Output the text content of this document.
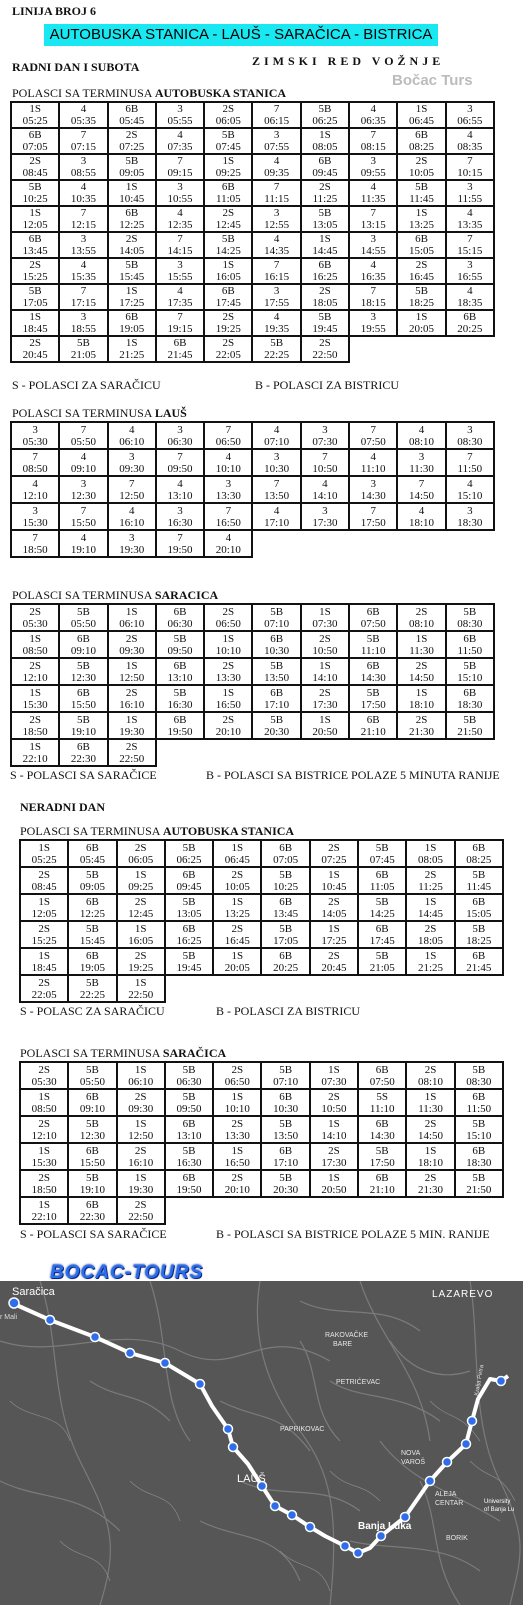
LINIJA BROJ 6
AUTOBUSKA STANICA - LAUŠ - SARAČICA - BISTRICA
RADNI DAN I SUBOTA	ZIMSKI RED VOŽNJE
Bočac Turs
POLASCI SA TERMINUSA AUTOBUSKA STANICA
1S
05:25	4
05:35	6B
05:45	3
05:55	2S
06:05	7
06:15	5B
06:25	4
06:35	1S
06:45	3
06:55

6B
07:05	7
07:15	2S
07:25	4
07:35	5B
07:45	3
07:55	1S
08:05	7
08:15	6B
08:25	4
08:35

2S
08:45	3
08:55	5B
09:05	7
09:15	1S
09:25	4
09:35	6B
09:45	3
09:55	2S
10:05	7
10:15

5B
10:25	4
10:35	1S
10:45	3
10:55	6B
11:05	7
11:15	2S
11:25	4
11:35	5B
11:45	3
11:55

1S
12:05	7
12:15	6B
12:25	4
12:35	2S
12:45	3
12:55	5B
13:05	7
13:15	1S
13:25	4
13:35

6B
13:45	3
13:55	2S
14:05	7
14:15	5B
14:25	4
14:35	1S
14:45	3
14:55	6B
15:05	7
15:15

2S
15:25	4
15:35	5B
15:45	3
15:55	1S
16:05	7
16:15	6B
16:25	4
16:35	2S
16:45	3
16:55

5B
17:05	7
17:15	1S
17:25	4
17:35	6B
17:45	3
17:55	2S
18:05	7
18:15	5B
18:25	4
18:35

1S
18:45	3
18:55	6B
19:05	7
19:15	2S
19:25	4
19:35	5B
19:45	3
19:55	1S
20:05	6B
20:25

2S
20:45	5B
21:05	1S
21:25	6B
21:45	2S
22:05	5B
22:25	2S
22:50			

S - POLASCI ZA SARAČICU	B - POLASCI ZA BISTRICU
POLASCI SA TERMINUSA LAUŠ
3
05:30	7
05:50	4
06:10	3
06:30	7
06:50	4
07:10	3
07:30	7
07:50	4
08:10	3
08:30

7
08:50	4
09:10	3
09:30	7
09:50	4
10:10	3
10:30	7
10:50	4
11:10	3
11:30	7
11:50

4
12:10	3
12:30	7
12:50	4
13:10	3
13:30	7
13:50	4
14:10	3
14:30	7
14:50	4
15:10

3
15:30	7
15:50	4
16:10	3
16:30	7
16:50	4
17:10	3
17:30	7
17:50	4
18:10	3
18:30

7
18:50	4
19:10	3
19:30	7
19:50	4
20:10					

POLASCI SA TERMINUSA SARACICA
2S
05:30	5B
05:50	1S
06:10	6B
06:30	2S
06:50	5B
07:10	1S
07:30	6B
07:50	2S
08:10	5B
08:30

1S
08:50	6B
09:10	2S
09:30	5B
09:50	1S
10:10	6B
10:30	2S
10:50	5B
11:10	1S
11:30	6B
11:50

2S
12:10	5B
12:30	1S
12:50	6B
13:10	2S
13:30	5B
13:50	1S
14:10	6B
14:30	2S
14:50	5B
15:10

1S
15:30	6B
15:50	2S
16:10	5B
16:30	1S
16:50	6B
17:10	2S
17:30	5B
17:50	1S
18:10	6B
18:30

2S
18:50	5B
19:10	1S
19:30	6B
19:50	2S
20:10	5B
20:30	1S
20:50	6B
21:10	2S
21:30	5B
21:50

1S
22:10	6B
22:30	2S
22:50							

S - POLASCI SA SARAČICE	B - POLASCI SA BISTRICE POLAZE 5 MINUTA RANIJE
NERADNI DAN
POLASCI SA TERMINUSA AUTOBUSKA STANICA
1S
05:25	6B
05:45	2S
06:05	5B
06:25	1S
06:45	6B
07:05	2S
07:25	5B
07:45	1S
08:05	6B
08:25

2S
08:45	5B
09:05	1S
09:25	6B
09:45	2S
10:05	5B
10:25	1S
10:45	6B
11:05	2S
11:25	5B
11:45

1S
12:05	6B
12:25	2S
12:45	5B
13:05	1S
13:25	6B
13:45	2S
14:05	5B
14:25	1S
14:45	6B
15:05

2S
15:25	5B
15:45	1S
16:05	6B
16:25	2S
16:45	5B
17:05	1S
17:25	6B
17:45	2S
18:05	5B
18:25

1S
18:45	6B
19:05	2S
19:25	5B
19:45	1S
20:05	6B
20:25	2S
20:45	5B
21:05	1S
21:25	6B
21:45

2S
22:05	5B
22:25	1S
22:50							

S - POLASC ZA SARAČICU	B - POLASCI ZA BISTRICU
POLASCI SA TERMINUSA SARAČICA
2S
05:30	5B
05:50	1S
06:10	5B
06:30	2S
06:50	5B
07:10	1S
07:30	6B
07:50	2S
08:10	5B
08:30

1S
08:50	6B
09:10	2S
09:30	5B
09:50	1S
10:10	6B
10:30	2S
10:50	5S
11:10	1S
11:30	6B
11:50

2S
12:10	5B
12:30	1S
12:50	6B
13:10	2S
13:30	5B
13:50	1S
14:10	6B
14:30	2S
14:50	5B
15:10

1S
15:30	6B
15:50	2S
16:10	5B
16:30	1S
16:50	6B
17:10	2S
17:30	5B
17:50	1S
18:10	6B
18:30

2S
18:50	5B
19:10	1S
19:30	6B
19:50	2S
20:10	5B
20:30	1S
20:50	6B
21:10	2S
21:30	5B
21:50

1S
22:10	6B
22:30	2S
22:50							

S - POLASCI SA SARAČICE	B - POLASCI SA BISTRICE POLAZE 5 MIN. RANIJE
Saračica
r Mali
LAZAREVO
RAKOVAČKE BARE
PETRIĆEVAC
PAPRIKOVAC
LAUŠ
NOVA VAROŠ
ALEJA CENTAR
Banja Luka
BORIK
University of Banja Lu
Kralja Petra
BOCAC-TOURS
